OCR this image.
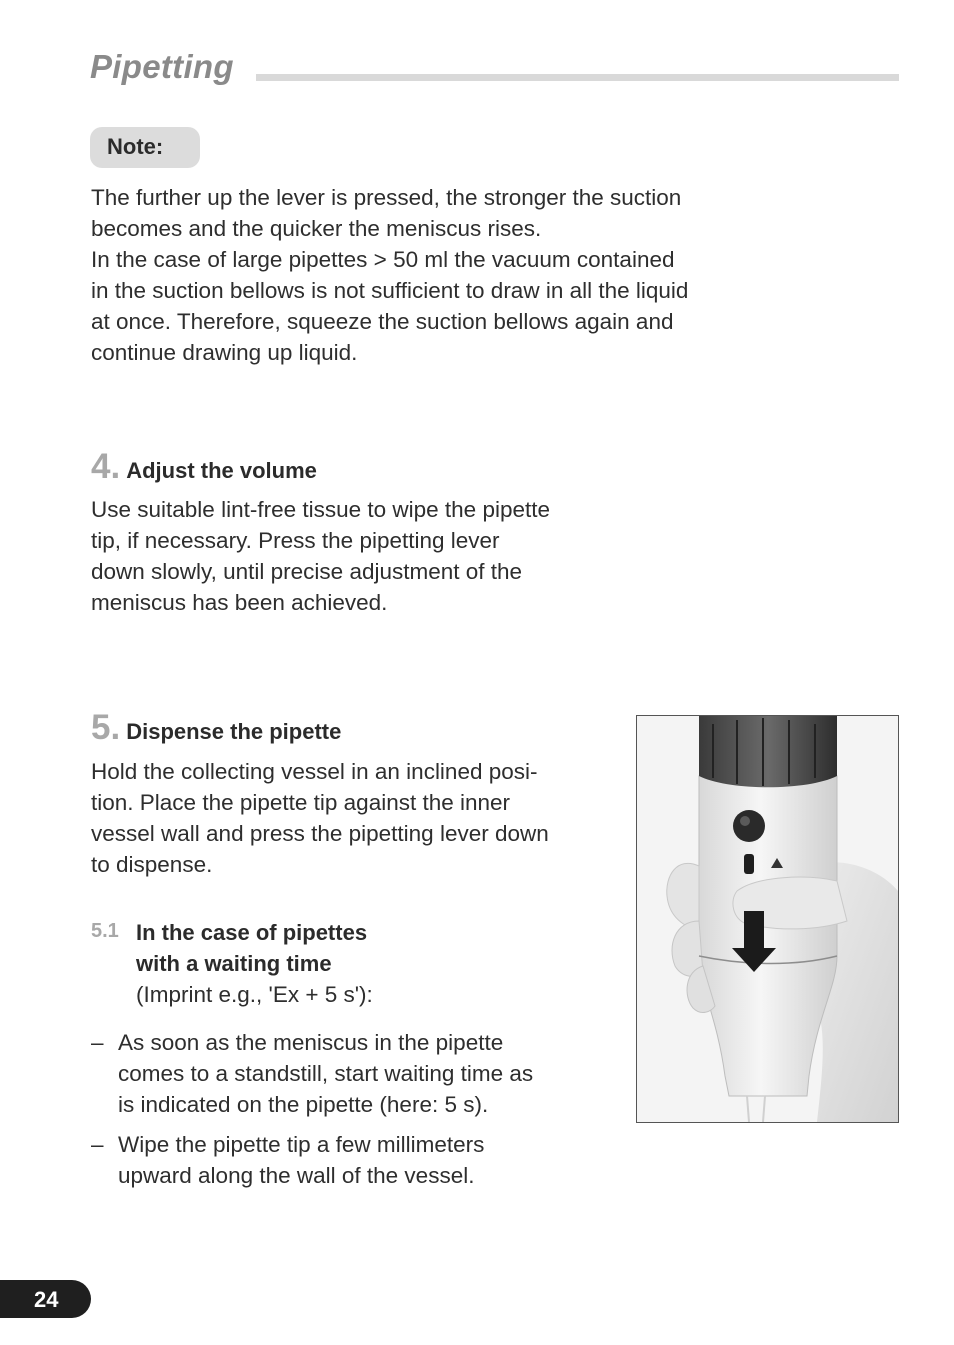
Pipetting
Note:
The further up the lever is pressed, the stronger the suction
becomes and the quicker the meniscus rises.
In the case of large pipettes > 50 ml the vacuum contained
in the suction bellows is not sufficient to draw in all the liquid
at once. Therefore, squeeze the suction bellows again and
continue drawing up liquid.
4. Adjust the volume
Use suitable lint-free tissue to wipe the pipette
tip, if necessary. Press the pipetting lever
down slowly, until precise adjustment of the
meniscus has been achieved.
5. Dispense the pipette
Hold the collecting vessel in an inclined posi-
tion. Place the pipette tip against the inner
vessel wall and press the pipetting lever down
to dispense.
5.1 In the case of pipettes
with a waiting time
(Imprint e.g., 'Ex + 5 s'):
– As soon as the meniscus in the pipette
comes to a standstill, start waiting time as
is indicated on the pipette (here: 5 s).
– Wipe the pipette tip a few millimeters
upward along the wall of the vessel.
24
